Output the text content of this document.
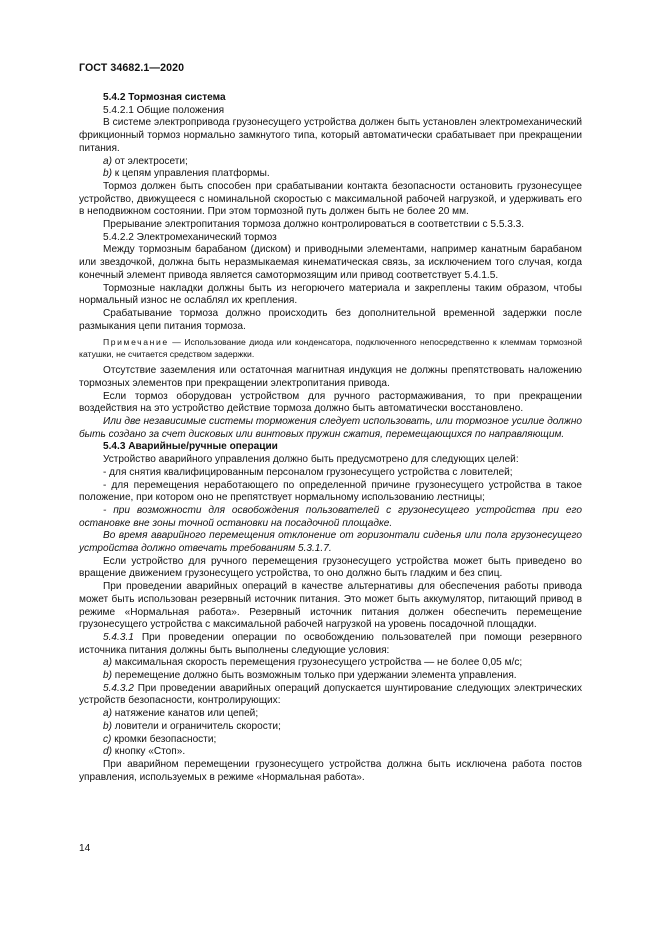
ГОСТ 34682.1—2020

5.4.2 Тормозная система

5.4.2.1 Общие положения

В системе электропривода грузонесущего устройства должен быть установлен электромеханический фрикционный тормоз нормально замкнутого типа, который автоматически срабатывает при прекращении питания.

а) от электросети;

b) к цепям управления платформы.

Тормоз должен быть способен при срабатывании контакта безопасности остановить грузонесущее устройство, движущееся с номинальной скоростью с максимальной рабочей нагрузкой, и удерживать его в неподвижном состоянии. При этом тормозной путь должен быть не более 20 мм.

Прерывание электропитания тормоза должно контролироваться в соответствии с 5.5.3.3.

5.4.2.2 Электромеханический тормоз

Между тормозным барабаном (диском) и приводными элементами, например канатным барабаном или звездочкой, должна быть неразмыкаемая кинематическая связь, за исключением того случая, когда конечный элемент привода является самотормозящим или привод соответствует 5.4.1.5.

Тормозные накладки должны быть из негорючего материала и закреплены таким образом, чтобы нормальный износ не ослаблял их крепления.

Срабатывание тормоза должно происходить без дополнительной временной задержки после размыкания цепи питания тормоза.

Примечание — Использование диода или конденсатора, подключенного непосредственно к клеммам тормозной катушки, не считается средством задержки.

Отсутствие заземления или остаточная магнитная индукция не должны препятствовать наложению тормозных элементов при прекращении электропитания привода.

Если тормоз оборудован устройством для ручного растормаживания, то при прекращении воздействия на это устройство действие тормоза должно быть автоматически восстановлено.

Или две независимые системы торможения следует использовать, или тормозное усилие должно быть создано за счет дисковых или винтовых пружин сжатия, перемещающихся по направляющим.

5.4.3 Аварийные/ручные операции

Устройство аварийного управления должно быть предусмотрено для следующих целей:

- для снятия квалифицированным персоналом грузонесущего устройства с ловителей;

- для перемещения неработающего по определенной причине грузонесущего устройства в такое положение, при котором оно не препятствует нормальному использованию лестницы;

- при возможности для освобождения пользователей с грузонесущего устройства при его остановке вне зоны точной остановки на посадочной площадке.

Во время аварийного перемещения отклонение от горизонтали сиденья или пола грузонесущего устройства должно отвечать требованиям 5.3.1.7.

Если устройство для ручного перемещения грузонесущего устройства может быть приведено во вращение движением грузонесущего устройства, то оно должно быть гладким и без спиц.

При проведении аварийных операций в качестве альтернативы для обеспечения работы привода может быть использован резервный источник питания. Это может быть аккумулятор, питающий привод в режиме «Нормальная работа». Резервный источник питания должен обеспечить перемещение грузонесущего устройства с максимальной рабочей нагрузкой на уровень посадочной площадки.

5.4.3.1 При проведении операции по освобождению пользователей при помощи резервного источника питания должны быть выполнены следующие условия:

а) максимальная скорость перемещения грузонесущего устройства — не более 0,05 м/с;

b) перемещение должно быть возможным только при удержании элемента управления.

5.4.3.2 При проведении аварийных операций допускается шунтирование следующих электрических устройств безопасности, контролирующих:

а) натяжение канатов или цепей;

b) ловители и ограничитель скорости;

c) кромки безопасности;

d) кнопку «Стоп».

При аварийном перемещении грузонесущего устройства должна быть исключена работа постов управления, используемых в режиме «Нормальная работа».

14
